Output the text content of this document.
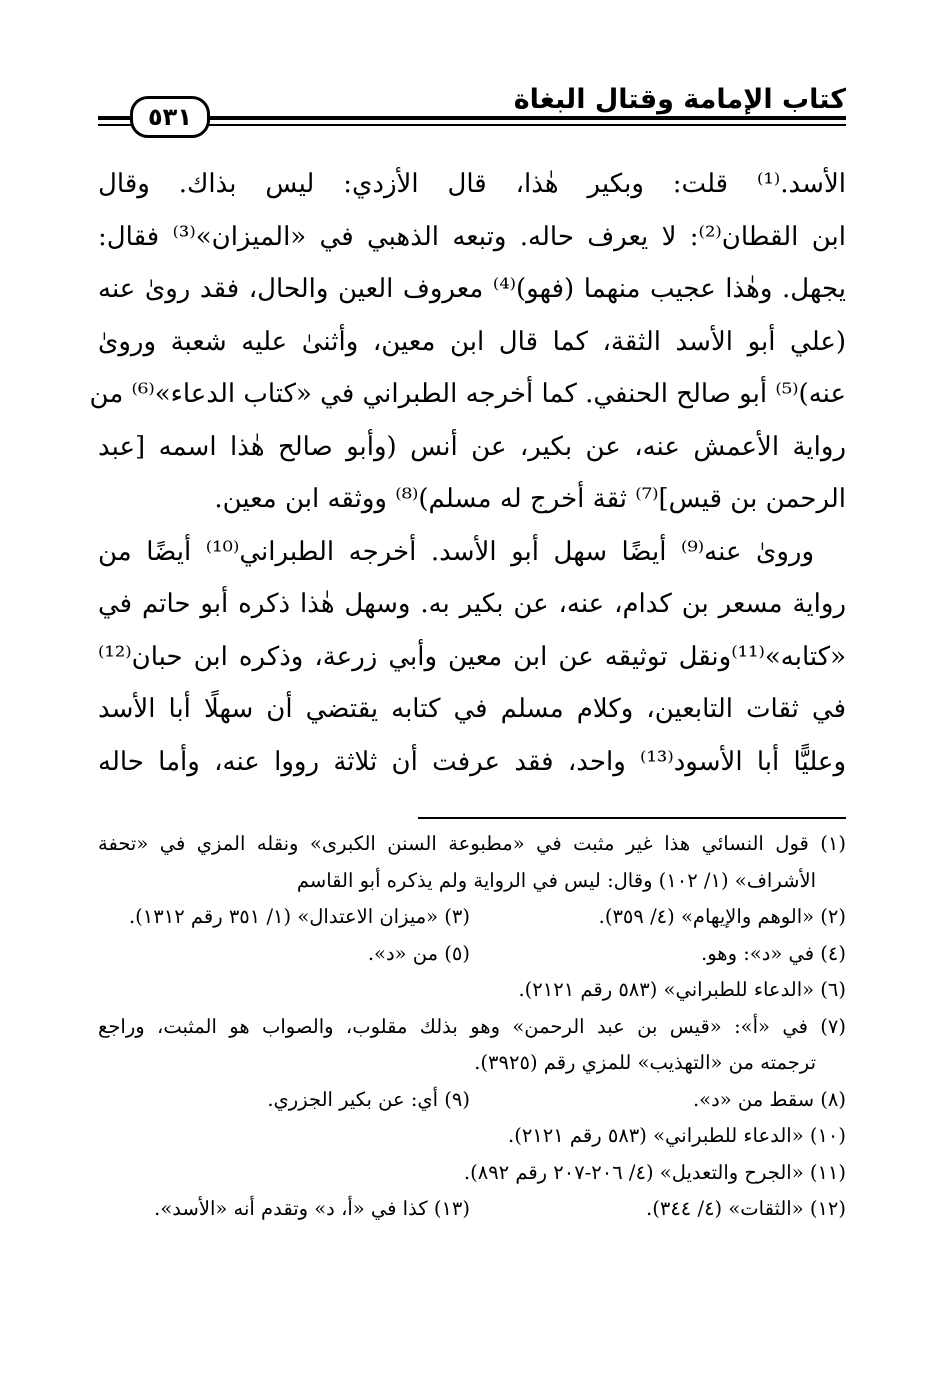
كتاب الإمامة وقتال البغاة
٥٣١
الأسد.⁽¹⁾ قلت: وبكير هٰذا، قال الأزدي: ليس بذاك. وقال
ابن القطان⁽²⁾: لا يعرف حاله. وتبعه الذهبي في «الميزان»⁽³⁾ فقال:
يجهل. وهٰذا عجيب منهما (فهو)⁽⁴⁾ معروف العين والحال، فقد روىٰ عنه
(علي أبو الأسد الثقة، كما قال ابن معين، وأثنىٰ عليه شعبة وروىٰ
عنه)⁽⁵⁾ أبو صالح الحنفي. كما أخرجه الطبراني في «كتاب الدعاء»⁽⁶⁾ من
رواية الأعمش عنه، عن بكير، عن أنس (وأبو صالح هٰذا اسمه [عبد
الرحمن بن قيس]⁽⁷⁾ ثقة أخرج له مسلم)⁽⁸⁾ ووثقه ابن معين.
وروىٰ عنه⁽⁹⁾ أيضًا سهل أبو الأسد. أخرجه الطبراني⁽¹⁰⁾ أيضًا من
رواية مسعر بن كدام، عنه، عن بكير به. وسهل هٰذا ذكره أبو حاتم في
«كتابه»⁽¹¹⁾ونقل توثيقه عن ابن معين وأبي زرعة، وذكره ابن حبان⁽¹²⁾
في ثقات التابعين، وكلام مسلم في كتابه يقتضي أن سهلًا أبا الأسد
وعليًّا أبا الأسود⁽¹³⁾ واحد، فقد عرفت أن ثلاثة رووا عنه، وأما حاله
(١) قول النسائي هذا غير مثبت في «مطبوعة السنن الكبرى» ونقله المزي في «تحفة
الأشراف» (١/ ١٠٢) وقال: ليس في الرواية ولم يذكره أبو القاسم
(٢) «الوهم والإيهام» (٤/ ٣٥٩).
(٣) «ميزان الاعتدال» (١/ ٣٥١ رقم ١٣١٢).
(٤) في «د»: وهو.
(٥) من «د».
(٦) «الدعاء للطبراني» (٥٨٣ رقم ٢١٢١).
(٧) في «أ»: «قيس بن عبد الرحمن» وهو بذلك مقلوب، والصواب هو المثبت، وراجع
ترجمته من «التهذيب» للمزي رقم (٣٩٢٥).
(٨) سقط من «د».
(٩) أي: عن بكير الجزري.
(١٠) «الدعاء للطبراني» (٥٨٣ رقم ٢١٢١).
(١١) «الجرح والتعديل» (٤/ ٢٠٦-٢٠٧ رقم ٨٩٢).
(١٢) «الثقات» (٤/ ٣٤٤).
(١٣) كذا في «أ، د» وتقدم أنه «الأسد».
